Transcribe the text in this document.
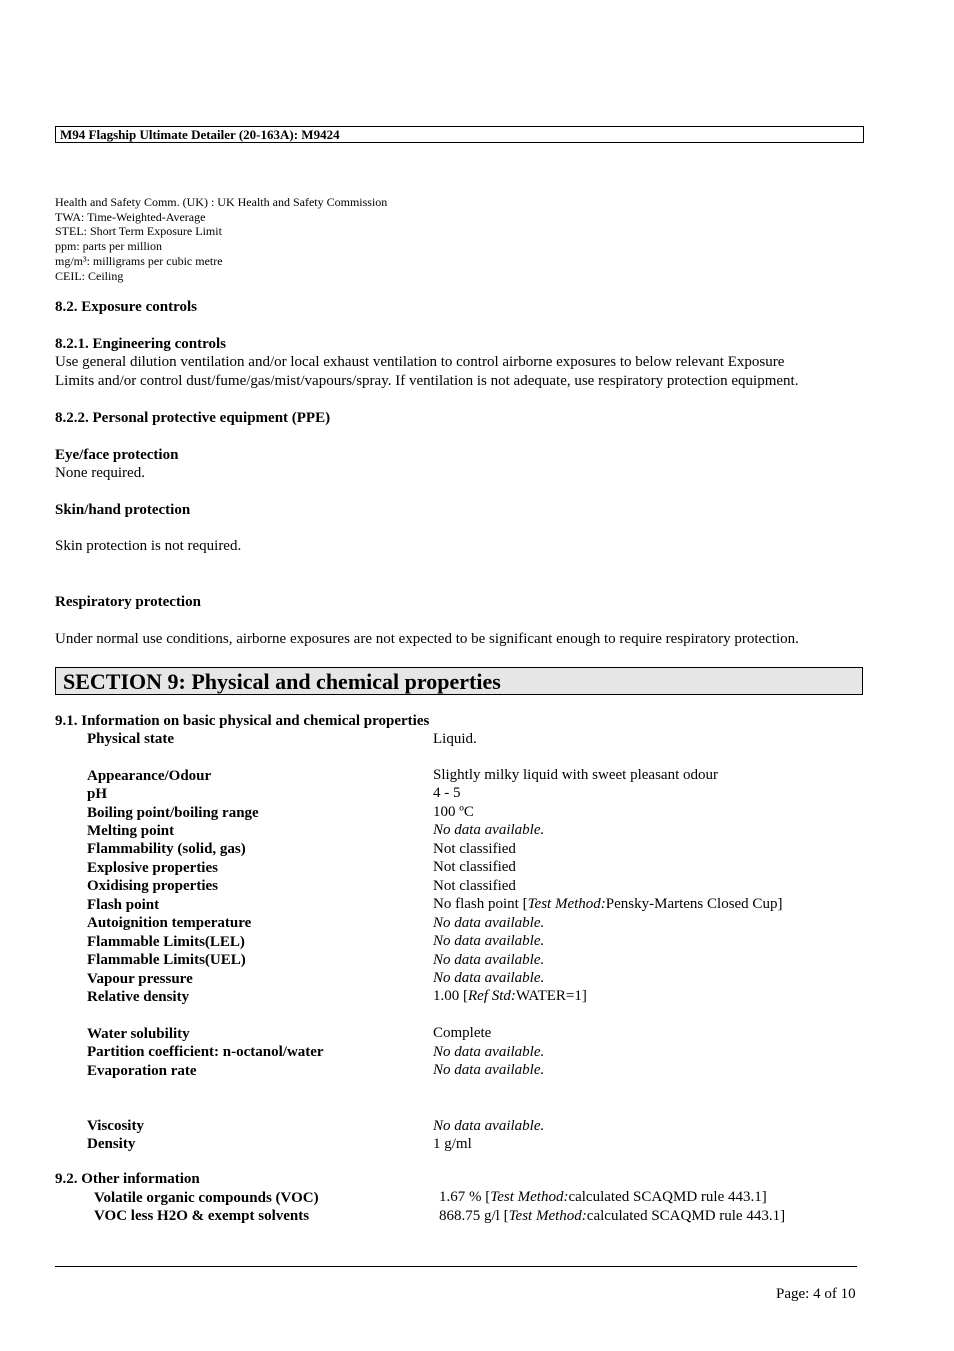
M94 Flagship Ultimate Detailer (20-163A): M9424
Health and Safety Comm. (UK) : UK Health and Safety Commission
TWA: Time-Weighted-Average
STEL: Short Term Exposure Limit
ppm: parts per million
mg/m³: milligrams per cubic metre
CEIL: Ceiling
8.2. Exposure controls
8.2.1. Engineering controls
Use general dilution ventilation and/or local exhaust ventilation to control airborne exposures to below relevant Exposure
Limits and/or control dust/fume/gas/mist/vapours/spray. If ventilation is not adequate, use respiratory protection equipment.
8.2.2. Personal protective equipment (PPE)
Eye/face protection
None required.
Skin/hand protection
Skin protection is not required.
Respiratory protection
Under normal use conditions, airborne exposures are not expected to be significant enough to require respiratory protection.
SECTION 9: Physical and chemical properties
9.1. Information on basic physical and chemical properties
Physical state	Liquid.
Appearance/Odour	Slightly milky liquid with sweet pleasant odour
pH	4 - 5
Boiling point/boiling range	100 ºC
Melting point	No data available.
Flammability (solid, gas)	Not classified
Explosive properties	Not classified
Oxidising properties	Not classified
Flash point	No flash point [Test Method:Pensky-Martens Closed Cup]
Autoignition temperature	No data available.
Flammable Limits(LEL)	No data available.
Flammable Limits(UEL)	No data available.
Vapour pressure	No data available.
Relative density	1.00 [Ref Std:WATER=1]
Water solubility	Complete
Partition coefficient: n-octanol/water	No data available.
Evaporation rate	No data available.
Viscosity	No data available.
Density	1 g/ml
9.2. Other information
Volatile organic compounds (VOC)	1.67 % [Test Method:calculated SCAQMD rule 443.1]
VOC less H2O & exempt solvents	868.75 g/l [Test Method:calculated SCAQMD rule 443.1]
Page: 4 of 10
